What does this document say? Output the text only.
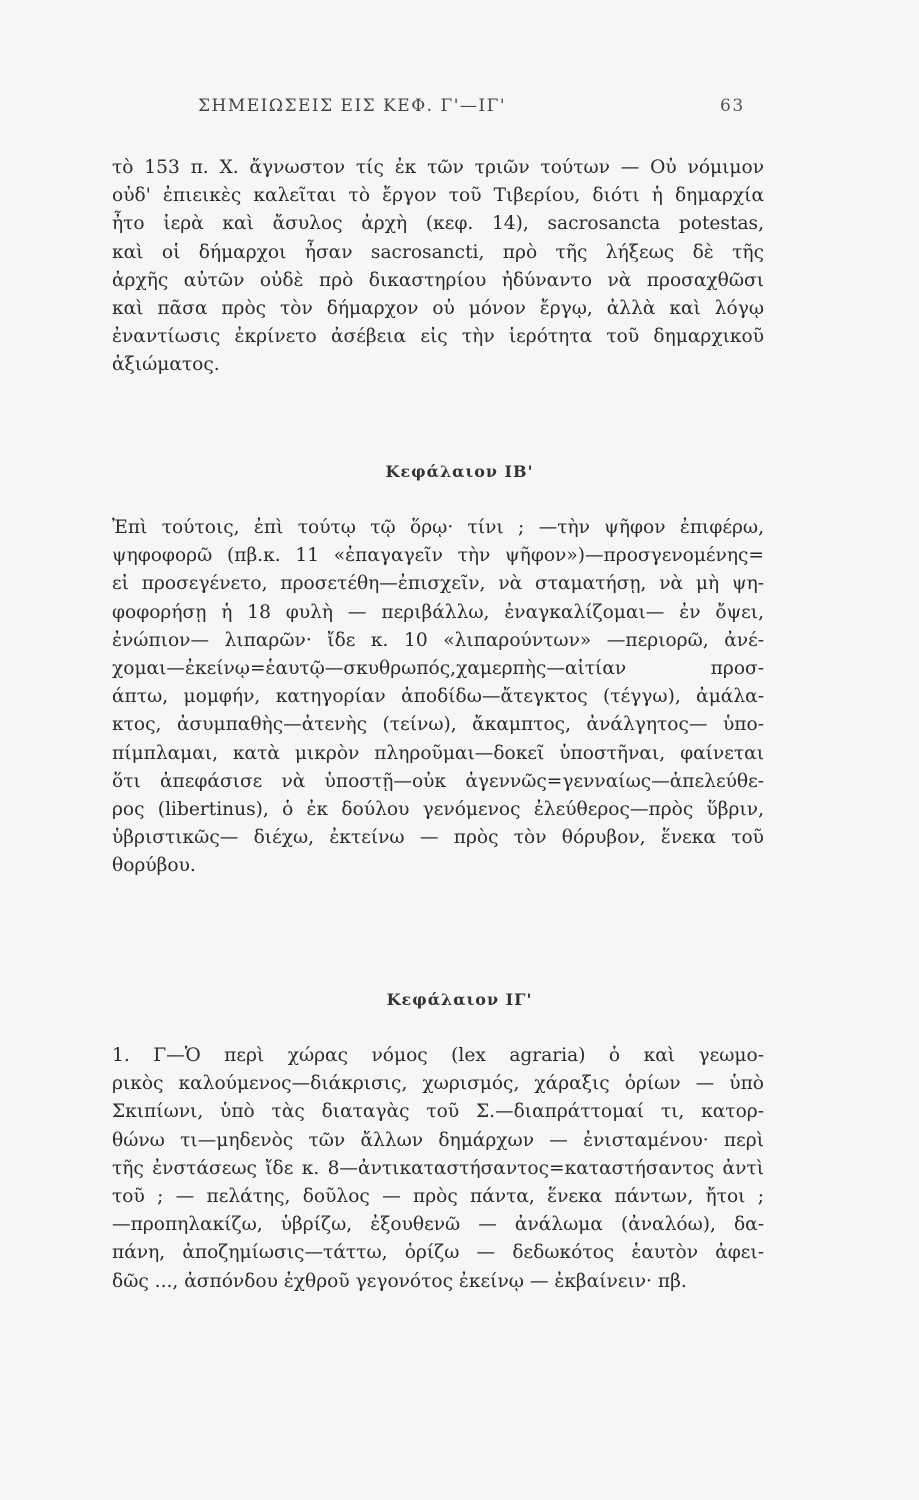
ΣΗΜΕΙΩΣΕΙΣ ΕΙΣ ΚΕΦ. Γ'—ΙΓ'	63
τὸ 153 π. Χ. ἄγνωστον τίς ἐκ τῶν τριῶν τούτων — Οὐ νόμιμον
οὐδ' ἐπιεικὲς καλεῖται τὸ ἔργον τοῦ Τιβερίου, διότι ἡ δημαρχία
ἦτο ἱερὰ καὶ ἄσυλος ἀρχὴ (κεφ. 14), sacrosancta potestas,
καὶ οἱ δήμαρχοι ἦσαν sacrosancti, πρὸ τῆς λήξεως δὲ τῆς
ἀρχῆς αὐτῶν οὐδὲ πρὸ δικαστηρίου ἠδύναντο νὰ προσαχθῶσι
καὶ πᾶσα πρὸς τὸν δήμαρχον οὐ μόνον ἔργῳ, ἀλλὰ καὶ λόγῳ
ἐναντίωσις ἐκρίνετο ἀσέβεια εἰς τὴν ἱερότητα τοῦ δημαρχικοῦ
ἀξιώματος.
Κεφάλαιον ΙΒ'
Ἐπὶ τούτοις, ἐπὶ τούτῳ τῷ ὅρῳ· τίνι ; —τὴν ψῆφον ἐπιφέρω,
ψηφοφορῶ (πβ.κ. 11 «ἐπαγαγεῖν τὴν ψῆφον»)—προσγενομένης=
εἰ προσεγένετο, προσετέθη—ἐπισχεῖν, νὰ σταματήσῃ, νὰ μὴ ψη-
φοφορήσῃ ἡ 18 φυλὴ — περιβάλλω, ἐναγκαλίζομαι— ἐν ὄψει,
ἐνώπιον— λιπαρῶν· ἴδε κ. 10 «λιπαρούντων» —περιορῶ, ἀνέ-
χομαι—ἐκείνῳ=ἑαυτῷ—σκυθρωπός,χαμερπὴς—αἰτίαν προσ-
άπτω, μομφήν, κατηγορίαν ἀποδίδω—ἄτεγκτος (τέγγω), ἀμάλα-
κτος, ἀσυμπαθὴς—ἀτενὴς (τείνω), ἄκαμπτος, ἀνάλγητος— ὑπο-
πίμπλαμαι, κατὰ μικρὸν πληροῦμαι—δοκεῖ ὑποστῆναι, φαίνεται
ὅτι ἀπεφάσισε νὰ ὑποστῇ—οὐκ ἀγεννῶς=γενναίως—ἀπελεύθε-
ρος (libertinus), ὁ ἐκ δούλου γενόμενος ἐλεύθερος—πρὸς ὕβριν,
ὑβριστικῶς— διέχω, ἐκτείνω — πρὸς τὸν θόρυβον, ἕνεκα τοῦ
θορύβου.
Κεφάλαιον ΙΓ'
1. Γ—Ὁ περὶ χώρας νόμος (lex agraria) ὁ καὶ γεωμο-
ρικὸς καλούμενος—διάκρισις, χωρισμός, χάραξις ὁρίων — ὑπὸ
Σκιπίωνι, ὑπὸ τὰς διαταγὰς τοῦ Σ.—διαπράττομαί τι, κατορ-
θώνω τι—μηδενὸς τῶν ἄλλων δημάρχων — ἐνισταμένου· περὶ
τῆς ἐνστάσεως ἴδε κ. 8—ἀντικαταστήσαντος=καταστήσαντος ἀντὶ
τοῦ ; — πελάτης, δοῦλος — πρὸς πάντα, ἕνεκα πάντων, ἤτοι ;
—προπηλακίζω, ὑβρίζω, ἐξουθενῶ — ἀνάλωμα (ἀναλόω), δα-
πάνη, ἀποζημίωσις—τάττω, ὁρίζω — δεδωκότος ἑαυτὸν ἀφει-
δῶς ..., ἀσπόνδου ἐχθροῦ γεγονότος ἐκείνῳ — ἐκβαίνειν· πβ.
